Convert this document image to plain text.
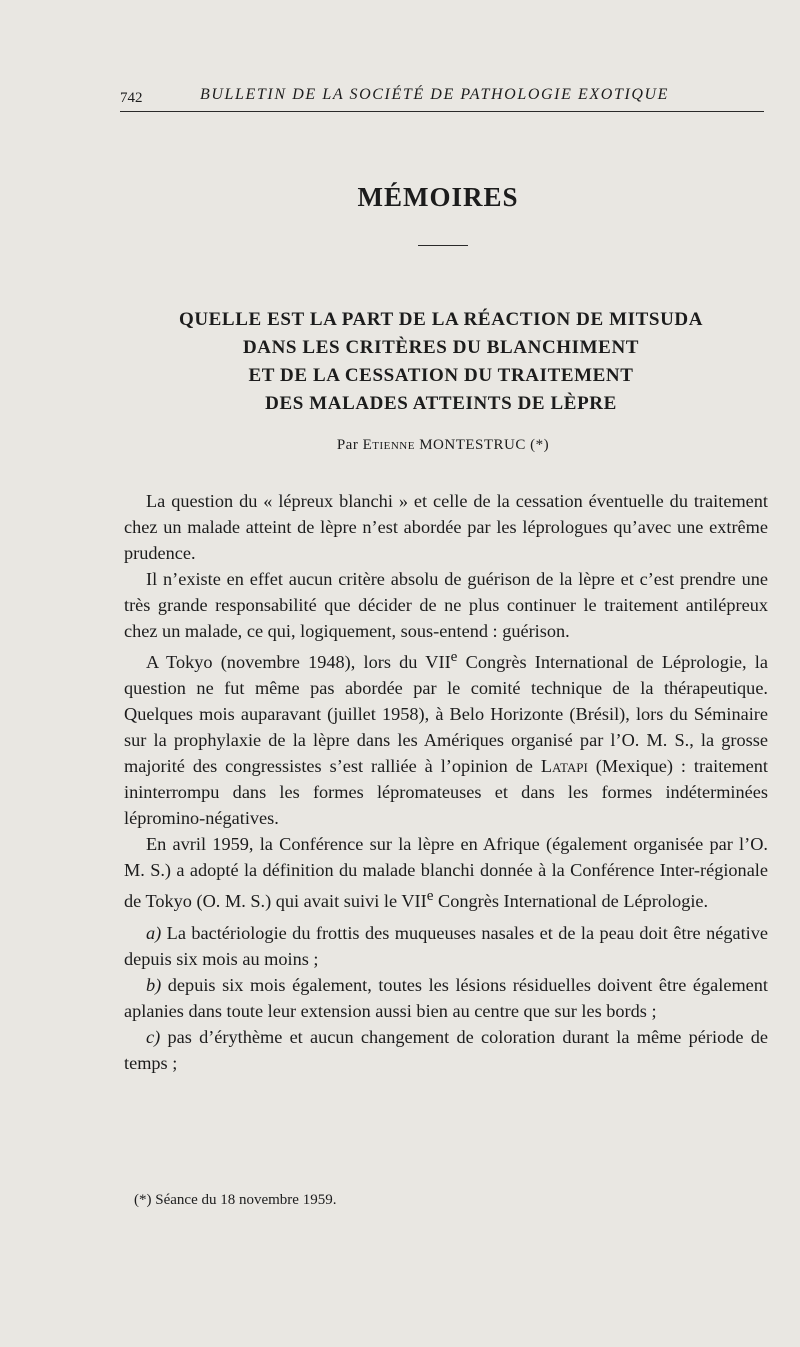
742	BULLETIN DE LA SOCIÉTÉ DE PATHOLOGIE EXOTIQUE
MÉMOIRES
QUELLE EST LA PART DE LA RÉACTION DE MITSUDA
DANS LES CRITÈRES DU BLANCHIMENT
ET DE LA CESSATION DU TRAITEMENT
DES MALADES ATTEINTS DE LÈPRE
Par Etienne MONTESTRUC (*)

La question du « lépreux blanchi » et celle de la cessation éventuelle du traitement chez un malade atteint de lèpre n’est abordée par les léprologues qu’avec une extrême prudence.

Il n’existe en effet aucun critère absolu de guérison de la lèpre et c’est prendre une très grande responsabilité que décider de ne plus continuer le traitement antilépreux chez un malade, ce qui, logiquement, sous-entend : guérison.

A Tokyo (novembre 1948), lors du VIIe Congrès International de Léprologie, la question ne fut même pas abordée par le comité technique de la thérapeutique. Quelques mois auparavant (juillet 1958), à Belo Horizonte (Brésil), lors du Séminaire sur la prophylaxie de la lèpre dans les Amériques organisé par l’O. M. S., la grosse majorité des congressistes s’est ralliée à l’opinion de Latapi (Mexique) : traitement ininterrompu dans les formes lépromateuses et dans les formes indéterminées lépromino-négatives.

En avril 1959, la Conférence sur la lèpre en Afrique (également organisée par l’O. M. S.) a adopté la définition du malade blanchi donnée à la Conférence Inter-régionale de Tokyo (O. M. S.) qui avait suivi le VIIe Congrès International de Léprologie.

a) La bactériologie du frottis des muqueuses nasales et de la peau doit être négative depuis six mois au moins ;

b) depuis six mois également, toutes les lésions résiduelles doivent être également aplanies dans toute leur extension aussi bien au centre que sur les bords ;

c) pas d’érythème et aucun changement de coloration durant la même période de temps ;

(*) Séance du 18 novembre 1959.
